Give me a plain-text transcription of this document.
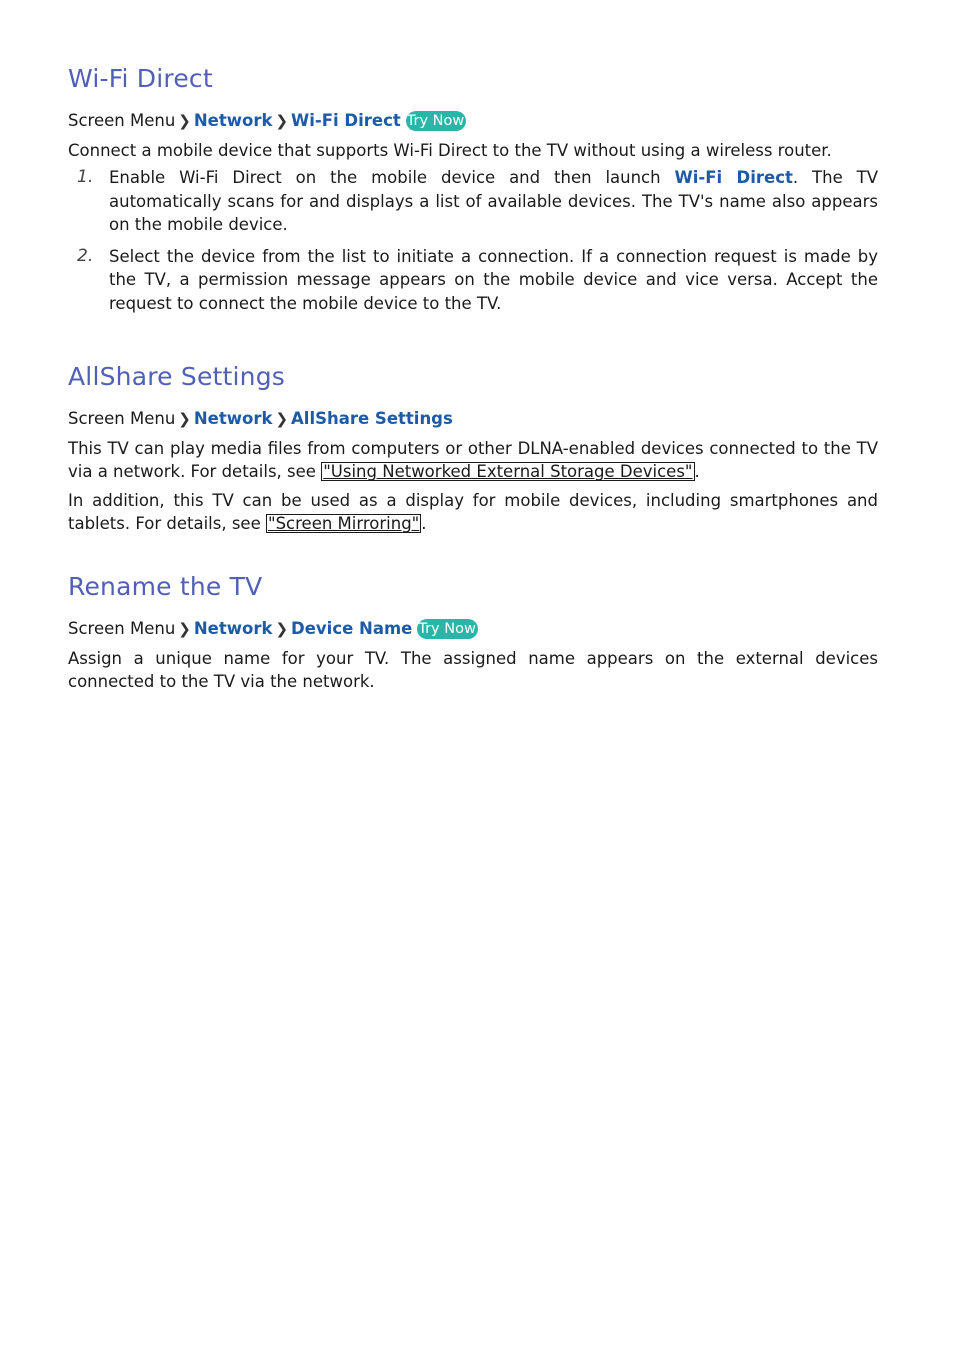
Wi-Fi Direct
Screen Menu ❯ Network ❯ Wi-Fi Direct Try Now

Connect a mobile device that supports Wi-Fi Direct to the TV without using a wireless router.

1. Enable Wi-Fi Direct on the mobile device and then launch Wi-Fi Direct. The TV automatically scans for and displays a list of available devices. The TV's name also appears on the mobile device.
2. Select the device from the list to initiate a connection. If a connection request is made by the TV, a permission message appears on the mobile device and vice versa. Accept the request to connect the mobile device to the TV.
AllShare Settings
Screen Menu ❯ Network ❯ AllShare Settings

This TV can play media files from computers or other DLNA-enabled devices connected to the TV via a network. For details, see "Using Networked External Storage Devices" .

In addition, this TV can be used as a display for mobile devices, including smartphones and tablets. For details, see "Screen Mirroring" .

Rename the TV
Screen Menu ❯ Network ❯ Device Name Try Now

Assign a unique name for your TV. The assigned name appears on the external devices connected to the TV via the network.
